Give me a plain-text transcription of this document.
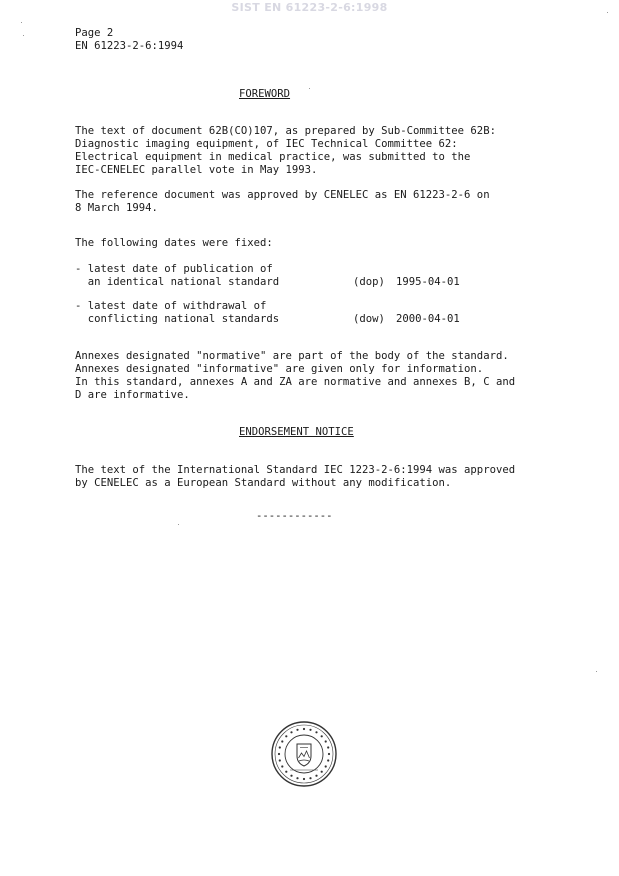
SIST EN 61223-2-6:1998
Page 2
EN 61223-2-6:1994
FOREWORD
The text of document 62B(CO)107, as prepared by Sub-Committee 62B:
Diagnostic imaging equipment, of IEC Technical Committee 62:
Electrical equipment in medical practice, was submitted to the
IEC-CENELEC parallel vote in May 1993.
The reference document was approved by CENELEC as EN 61223-2-6 on
8 March 1994.
The following dates were fixed:
- latest date of publication of
an identical national standard	(dop) 1995-04-01
- latest date of withdrawal of
conflicting national standards	(dow) 2000-04-01
Annexes designated "normative" are part of the body of the standard.
Annexes designated "informative" are given only for information.
In this standard, annexes A and ZA are normative and annexes B, C and
D are informative.
ENDORSEMENT NOTICE
The text of the International Standard IEC 1223-2-6:1994 was approved
by CENELEC as a European Standard without any modification.
------------
